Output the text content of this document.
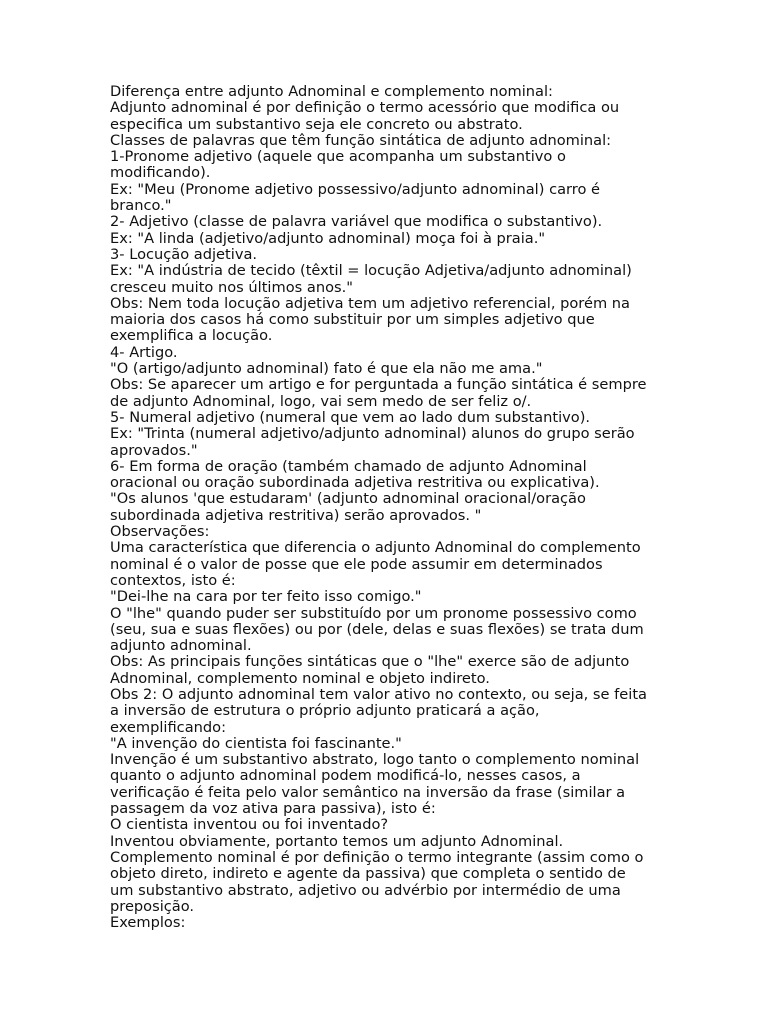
Diferença entre adjunto Adnominal e complemento nominal:
Adjunto adnominal é por definição o termo acessório que modifica ou
especifica um substantivo seja ele concreto ou abstrato.
Classes de palavras que têm função sintática de adjunto adnominal:
1-Pronome adjetivo (aquele que acompanha um substantivo o
modificando).
Ex: "Meu (Pronome adjetivo possessivo/adjunto adnominal) carro é
branco."
2- Adjetivo (classe de palavra variável que modifica o substantivo).
Ex: "A linda (adjetivo/adjunto adnominal) moça foi à praia."
3- Locução adjetiva.
Ex: "A indústria de tecido (têxtil = locução Adjetiva/adjunto adnominal)
cresceu muito nos últimos anos."
Obs: Nem toda locução adjetiva tem um adjetivo referencial, porém na
maioria dos casos há como substituir por um simples adjetivo que
exemplifica a locução.
4- Artigo.
"O (artigo/adjunto adnominal) fato é que ela não me ama."
Obs: Se aparecer um artigo e for perguntada a função sintática é sempre
de adjunto Adnominal, logo, vai sem medo de ser feliz o/.
5- Numeral adjetivo (numeral que vem ao lado dum substantivo).
Ex: "Trinta (numeral adjetivo/adjunto adnominal) alunos do grupo serão
aprovados."
6- Em forma de oração (também chamado de adjunto Adnominal
oracional ou oração subordinada adjetiva restritiva ou explicativa).
"Os alunos 'que estudaram' (adjunto adnominal oracional/oração
subordinada adjetiva restritiva) serão aprovados. "
Observações:
Uma característica que diferencia o adjunto Adnominal do complemento
nominal é o valor de posse que ele pode assumir em determinados
contextos, isto é:
"Dei-lhe na cara por ter feito isso comigo."
O "lhe" quando puder ser substituído por um pronome possessivo como
(seu, sua e suas flexões) ou por (dele, delas e suas flexões) se trata dum
adjunto adnominal.
Obs: As principais funções sintáticas que o "lhe" exerce são de adjunto
Adnominal, complemento nominal e objeto indireto.
Obs 2: O adjunto adnominal tem valor ativo no contexto, ou seja, se feita
a inversão de estrutura o próprio adjunto praticará a ação,
exemplificando:
"A invenção do cientista foi fascinante."
Invenção é um substantivo abstrato, logo tanto o complemento nominal
quanto o adjunto adnominal podem modificá-lo, nesses casos, a
verificação é feita pelo valor semântico na inversão da frase (similar a
passagem da voz ativa para passiva), isto é:
O cientista inventou ou foi inventado?
Inventou obviamente, portanto temos um adjunto Adnominal.
Complemento nominal é por definição o termo integrante (assim como o
objeto direto, indireto e agente da passiva) que completa o sentido de
um substantivo abstrato, adjetivo ou advérbio por intermédio de uma
preposição.
Exemplos:
